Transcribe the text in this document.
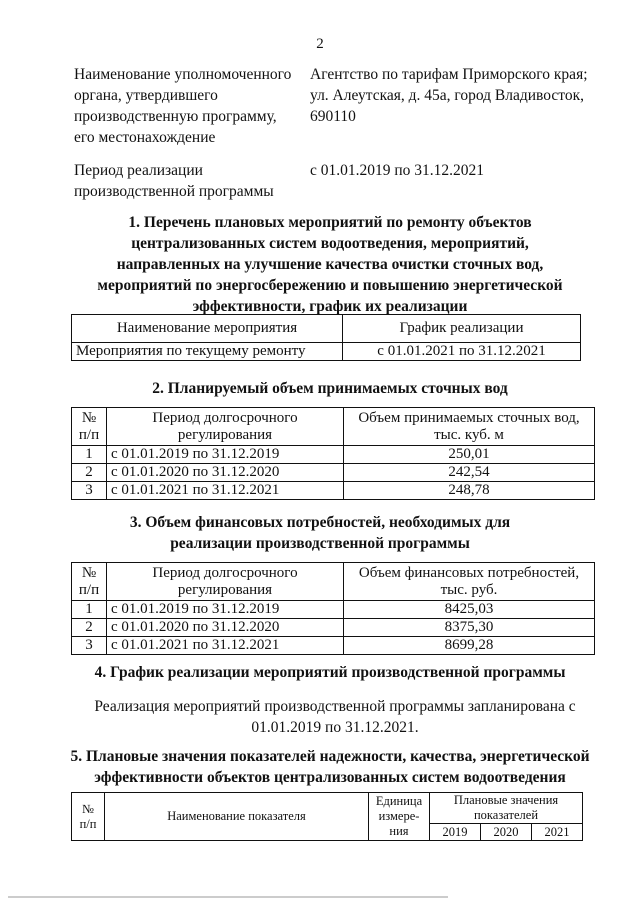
2
Наименование уполномоченного органа, утвердившего производственную программу, его местонахождение
Агентство по тарифам Приморского края; ул. Алеутская, д. 45а, город Владивосток, 690110
Период реализации производственной программы
с 01.01.2019 по 31.12.2021
1. Перечень плановых мероприятий по ремонту объектов централизованных систем водоотведения, мероприятий, направленных на улучшение качества очистки сточных вод, мероприятий по энергосбережению и повышению энергетической эффективности, график их реализации
Наименование мероприятия	График реализации
Мероприятия по текущему ремонту	с 01.01.2021 по 31.12.2021
2. Планируемый объем принимаемых сточных вод
№ п/п	Период долгосрочного регулирования	Объем принимаемых сточных вод, тыс. куб. м
1	с 01.01.2019 по 31.12.2019	250,01
2	с 01.01.2020 по 31.12.2020	242,54
3	с 01.01.2021 по 31.12.2021	248,78
3. Объем финансовых потребностей, необходимых для реализации производственной программы
№ п/п	Период долгосрочного регулирования	Объем финансовых потребностей, тыс. руб.
1	с 01.01.2019 по 31.12.2019	8425,03
2	с 01.01.2020 по 31.12.2020	8375,30
3	с 01.01.2021 по 31.12.2021	8699,28
4. График реализации мероприятий производственной программы
Реализация мероприятий производственной программы запланирована с 01.01.2019 по 31.12.2021.
5. Плановые значения показателей надежности, качества, энергетической эффективности объектов централизованных систем водоотведения
№ п/п	Наименование показателя	Единица измере-ния	Плановые значения показателей		
			2019	2020	2021
